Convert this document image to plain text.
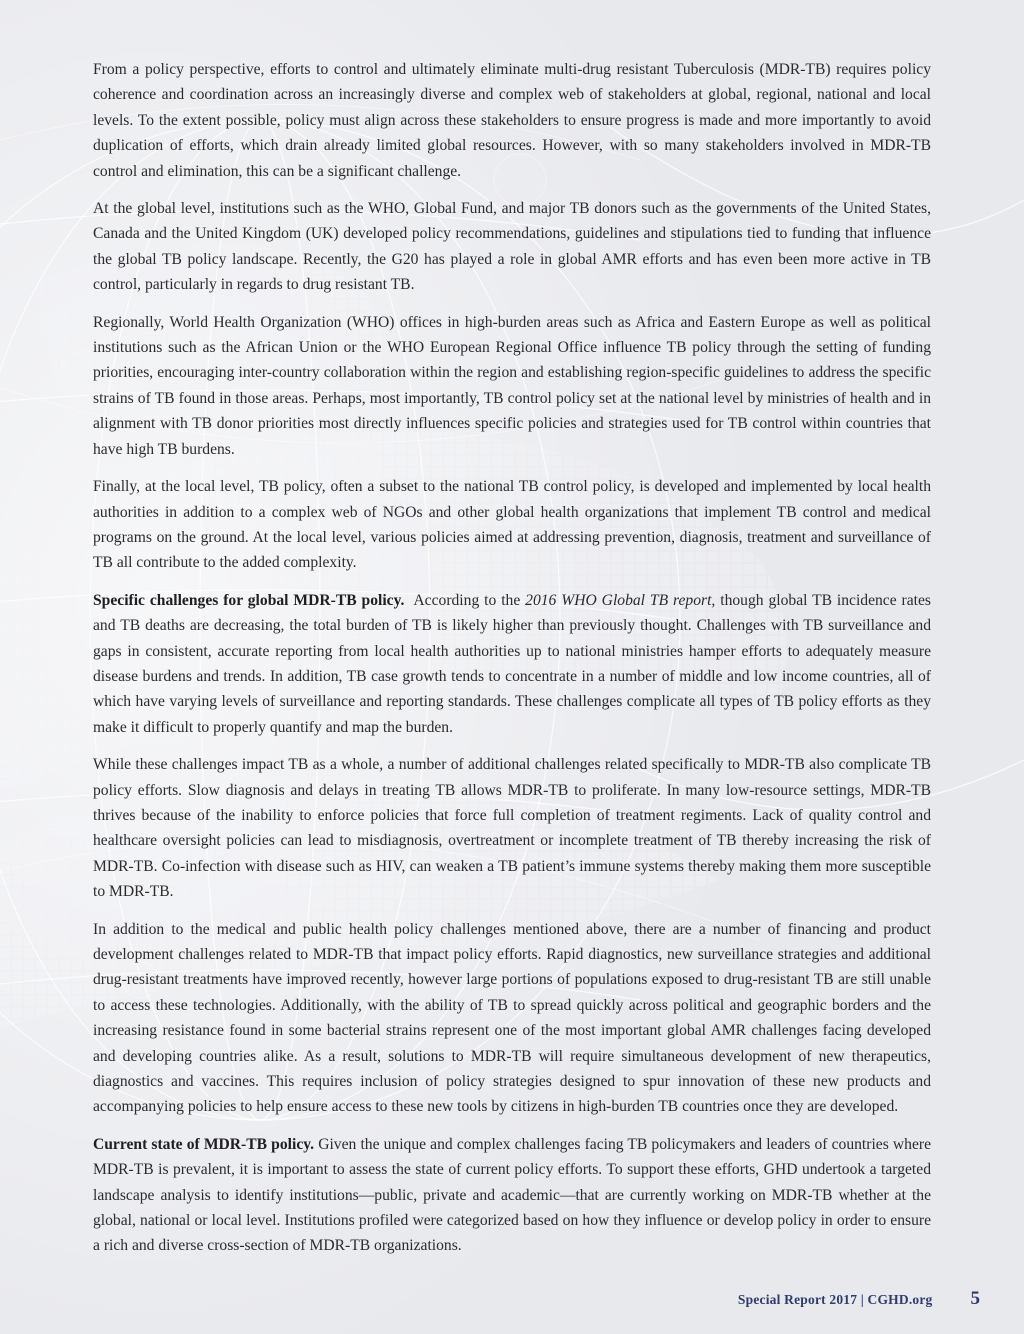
From a policy perspective, efforts to control and ultimately eliminate multi-drug resistant Tuberculosis (MDR-TB) requires policy coherence and coordination across an increasingly diverse and complex web of stakeholders at global, regional, national and local levels. To the extent possible, policy must align across these stakeholders to ensure progress is made and more importantly to avoid duplication of efforts, which drain already limited global resources. However, with so many stakeholders involved in MDR-TB control and elimination, this can be a significant challenge.

At the global level, institutions such as the WHO, Global Fund, and major TB donors such as the governments of the United States, Canada and the United Kingdom (UK) developed policy recommendations, guidelines and stipulations tied to funding that influence the global TB policy landscape. Recently, the G20 has played a role in global AMR efforts and has even been more active in TB control, particularly in regards to drug resistant TB.

Regionally, World Health Organization (WHO) offices in high-burden areas such as Africa and Eastern Europe as well as political institutions such as the African Union or the WHO European Regional Office influence TB policy through the setting of funding priorities, encouraging inter-country collaboration within the region and establishing region-specific guidelines to address the specific strains of TB found in those areas. Perhaps, most importantly, TB control policy set at the national level by ministries of health and in alignment with TB donor priorities most directly influences specific policies and strategies used for TB control within countries that have high TB burdens.

Finally, at the local level, TB policy, often a subset to the national TB control policy, is developed and implemented by local health authorities in addition to a complex web of NGOs and other global health organizations that implement TB control and medical programs on the ground. At the local level, various policies aimed at addressing prevention, diagnosis, treatment and surveillance of TB all contribute to the added complexity.

Specific challenges for global MDR-TB policy. According to the 2016 WHO Global TB report, though global TB incidence rates and TB deaths are decreasing, the total burden of TB is likely higher than previously thought. Challenges with TB surveillance and gaps in consistent, accurate reporting from local health authorities up to national ministries hamper efforts to adequately measure disease burdens and trends. In addition, TB case growth tends to concentrate in a number of middle and low income countries, all of which have varying levels of surveillance and reporting standards. These challenges complicate all types of TB policy efforts as they make it difficult to properly quantify and map the burden.

While these challenges impact TB as a whole, a number of additional challenges related specifically to MDR-TB also complicate TB policy efforts. Slow diagnosis and delays in treating TB allows MDR-TB to proliferate. In many low-resource settings, MDR-TB thrives because of the inability to enforce policies that force full completion of treatment regiments. Lack of quality control and healthcare oversight policies can lead to misdiagnosis, overtreatment or incomplete treatment of TB thereby increasing the risk of MDR-TB. Co-infection with disease such as HIV, can weaken a TB patient’s immune systems thereby making them more susceptible to MDR-TB.

In addition to the medical and public health policy challenges mentioned above, there are a number of financing and product development challenges related to MDR-TB that impact policy efforts. Rapid diagnostics, new surveillance strategies and additional drug-resistant treatments have improved recently, however large portions of populations exposed to drug-resistant TB are still unable to access these technologies. Additionally, with the ability of TB to spread quickly across political and geographic borders and the increasing resistance found in some bacterial strains represent one of the most important global AMR challenges facing developed and developing countries alike. As a result, solutions to MDR-TB will require simultaneous development of new therapeutics, diagnostics and vaccines. This requires inclusion of policy strategies designed to spur innovation of these new products and accompanying policies to help ensure access to these new tools by citizens in high-burden TB countries once they are developed.

Current state of MDR-TB policy. Given the unique and complex challenges facing TB policymakers and leaders of countries where MDR-TB is prevalent, it is important to assess the state of current policy efforts. To support these efforts, GHD undertook a targeted landscape analysis to identify institutions—public, private and academic—that are currently working on MDR-TB whether at the global, national or local level. Institutions profiled were categorized based on how they influence or develop policy in order to ensure a rich and diverse cross-section of MDR-TB organizations.

Special Report 2017 | CGHD.org 5
